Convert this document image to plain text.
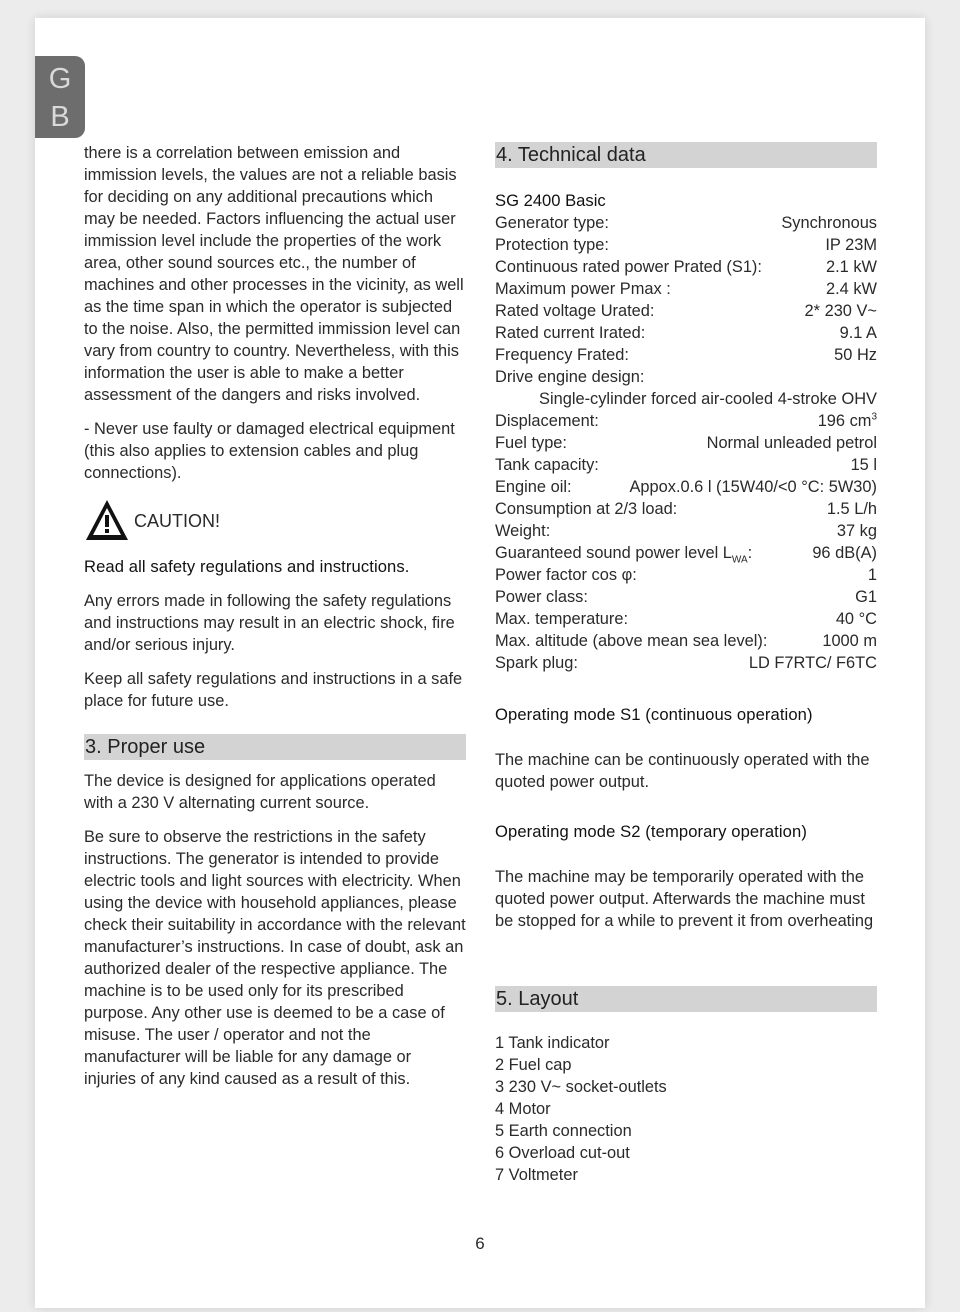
G
B

there is a correlation between emission and immission levels, the values are not a reliable basis for deciding on any additional precautions which may be needed. Factors influencing the actual user immission level include the properties of the work area, other sound sources etc., the number of machines and other processes in the vicinity, as well as the time span in which the operator is subjected to the noise. Also, the permitted immission level can vary from country to country. Nevertheless, with this information the user is able to make a better assessment of the dangers and risks involved.

- Never use faulty or damaged electrical equipment (this also applies to extension cables and plug connections).

CAUTION!

Read all safety regulations and instructions.

Any errors made in following the safety regulations and instructions may result in an electric shock, fire and/or serious injury.

Keep all safety regulations and instructions in a safe place for future use.

3. Proper use

The device is designed for applications operated with a 230 V alternating current source.

Be sure to observe the restrictions in the safety instructions. The generator is intended to provide electric tools and light sources with electricity. When using the device with household appliances, please check their suitability in accordance with the relevant manufacturer’s instructions. In case of doubt, ask an authorized dealer of the respective appliance. The machine is to be used only for its prescribed purpose. Any other use is deemed to be a case of misuse. The user / operator and not the manufacturer will be liable for any damage or injuries of any kind caused as a result of this.

4. Technical data
SG 2400 Basic
Generator type:	Synchronous
Protection type:	IP 23M
Continuous rated power Prated (S1):	2.1 kW
Maximum power Pmax :	2.4 kW
Rated voltage Urated:	2* 230 V~
Rated current Irated:	9.1 A
Frequency Frated:	50 Hz
Drive engine design:
Single-cylinder forced air-cooled 4-stroke OHV
Displacement:	196 $cm^3$
Fuel type:	Normal unleaded petrol
Tank capacity:	15 l
Engine oil:	Appox.0.6 l (15W40/<0 °C: 5W30)
Consumption at 2/3 load:	1.5 L/h
Weight:	37 kg
Guaranteed sound power level $L_{WA}$:	96 dB(A)
Power factor cos φ:	1
Power class:	G1
Max. temperature:	40 °C
Max. altitude (above mean sea level):	1000 m
Spark plug:	LD F7RTC/ F6TC
Operating mode S1 (continuous operation)

The machine can be continuously operated with the quoted power output.

Operating mode S2 (temporary operation)

The machine may be temporarily operated with the quoted power output. Afterwards the machine must be stopped for a while to prevent it from overheating

5. Layout
1 Tank indicator
2 Fuel cap
3 230 V~ socket-outlets
4 Motor
5 Earth connection
6 Overload cut-out
7 Voltmeter
6
